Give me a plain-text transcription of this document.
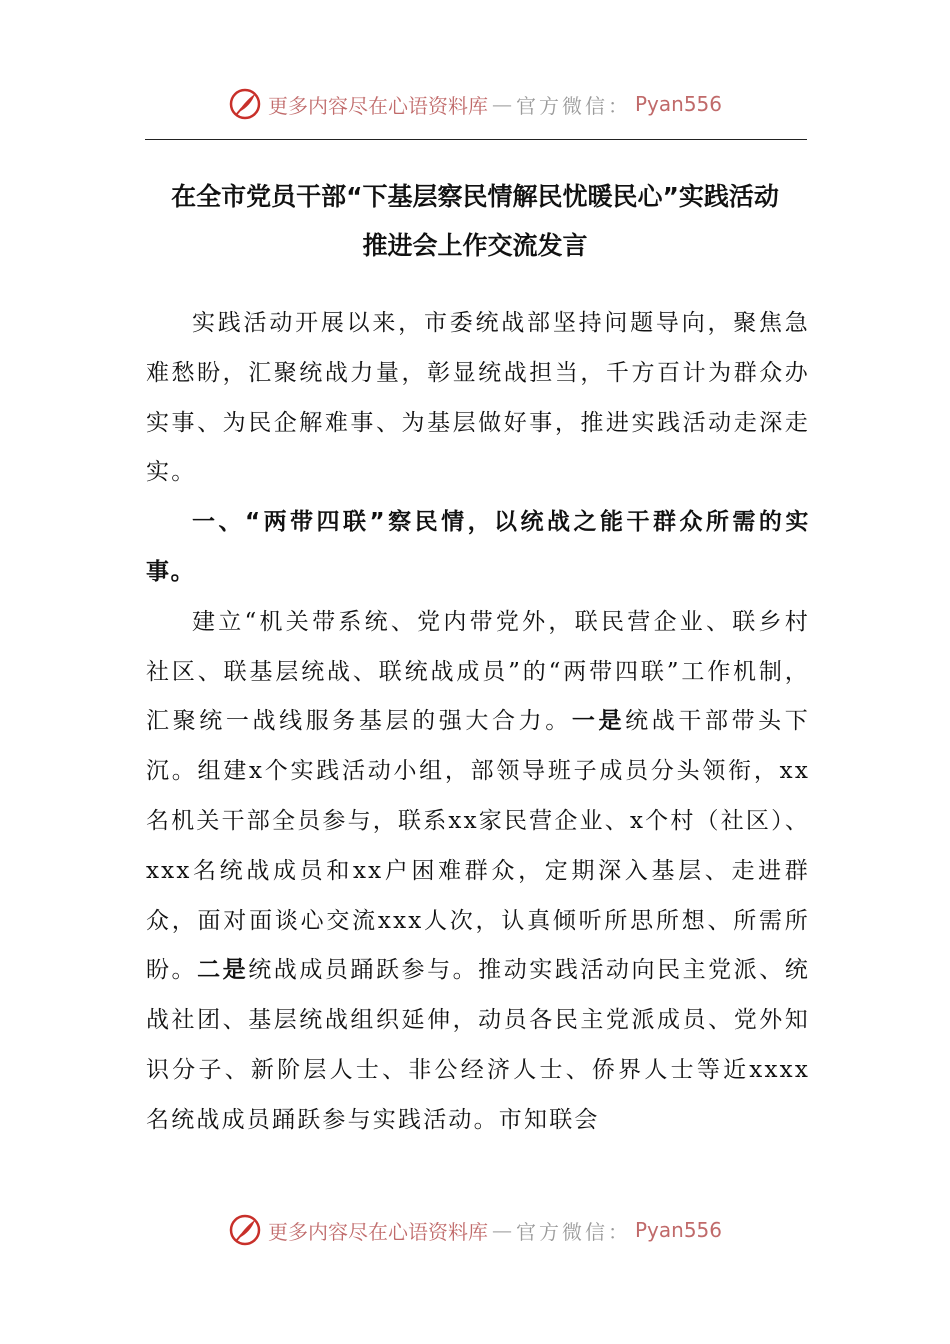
更多内容尽在心语资料库 — 官方微信： Pyan556
在全市党员干部“下基层察民情解民忧暖民心”实践活动
推进会上作交流发言

实践活动开展以来，市委统战部坚持问题导向，聚焦急难愁盼，汇聚统战力量，彰显统战担当，千方百计为群众办实事、为民企解难事、为基层做好事，推进实践活动走深走实。

一、“两带四联”察民情，以统战之能干群众所需的实事。

建立“机关带系统、党内带党外，联民营企业、联乡村社区、联基层统战、联统战成员”的“两带四联”工作机制，汇聚统一战线服务基层的强大合力。一是统战干部带头下沉。组建x个实践活动小组，部领导班子成员分头领衔，xx名机关干部全员参与，联系xx家民营企业、x个村（社区）、xxx名统战成员和xx户困难群众，定期深入基层、走进群众，面对面谈心交流xxx人次，认真倾听所思所想、所需所盼。二是统战成员踊跃参与。推动实践活动向民主党派、统战社团、基层统战组织延伸，动员各民主党派成员、党外知识分子、新阶层人士、非公经济人士、侨界人士等近xxxx名统战成员踊跃参与实践活动。市知联会

更多内容尽在心语资料库 — 官方微信： Pyan556
